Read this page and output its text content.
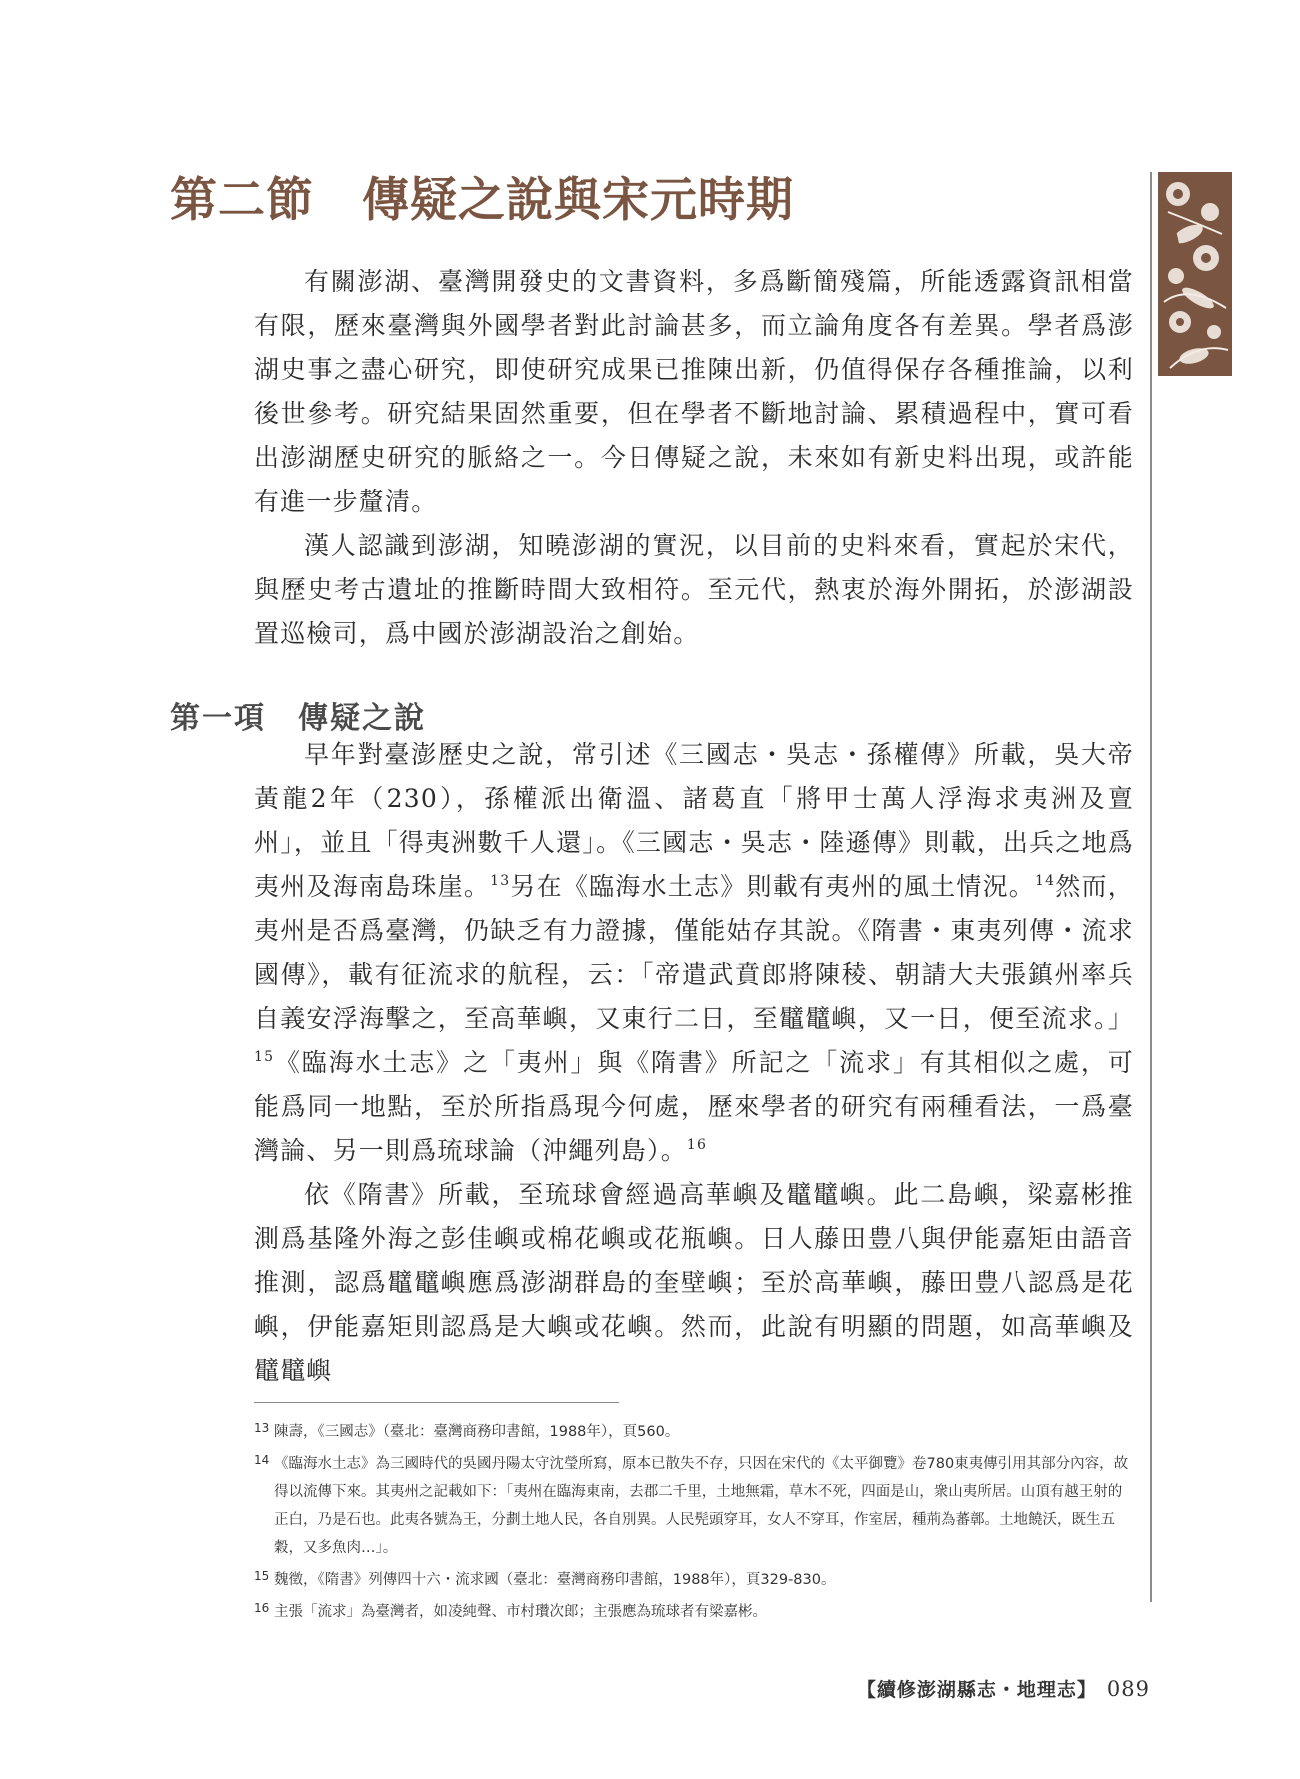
第二節　傳疑之說與宋元時期

有關澎湖、臺灣開發史的文書資料，多爲斷簡殘篇，所能透露資訊相當有限，歷來臺灣與外國學者對此討論甚多，而立論角度各有差異。學者爲澎湖史事之盡心研究，即使研究成果已推陳出新，仍值得保存各種推論，以利後世參考。研究結果固然重要，但在學者不斷地討論、累積過程中，實可看出澎湖歷史研究的脈絡之一。今日傳疑之說，未來如有新史料出現，或許能有進一步釐清。

漢人認識到澎湖，知曉澎湖的實況，以目前的史料來看，實起於宋代，與歷史考古遺址的推斷時間大致相符。至元代，熱衷於海外開拓，於澎湖設置巡檢司，爲中國於澎湖設治之創始。

第一項　傳疑之說

早年對臺澎歷史之說，常引述《三國志・吳志・孫權傳》所載，吳大帝黃龍2年（230），孫權派出衛溫、諸葛直「將甲士萬人浮海求夷洲及亶州」，並且「得夷洲數千人還」。《三國志・吳志・陸遜傳》則載，出兵之地爲夷州及海南島珠崖。$^{13}$另在《臨海水土志》則載有夷州的風土情況。$^{14}$然而，夷州是否爲臺灣，仍缺乏有力證據，僅能姑存其說。《隋書・東夷列傳・流求國傳》，載有征流求的航程，云：「帝遣武賁郎將陳稜、朝請大夫張鎮州率兵自義安浮海擊之，至高華嶼，又東行二日，至鼊鼊嶼，又一日，便至流求。」$^{15}$《臨海水土志》之「夷州」與《隋書》所記之「流求」有其相似之處，可能爲同一地點，至於所指爲現今何處，歷來學者的研究有兩種看法，一爲臺灣論、另一則爲琉球論（沖繩列島）。$^{16}$

依《隋書》所載，至琉球會經過高華嶼及鼊鼊嶼。此二島嶼，梁嘉彬推測爲基隆外海之彭佳嶼或棉花嶼或花瓶嶼。日人藤田豊八與伊能嘉矩由語音推測，認爲鼊鼊嶼應爲澎湖群島的奎壁嶼；至於高華嶼，藤田豊八認爲是花嶼，伊能嘉矩則認爲是大嶼或花嶼。然而，此說有明顯的問題，如高華嶼及鼊鼊嶼

13 陳壽，《三國志》（臺北：臺灣商務印書館，1988年），頁560。

14 《臨海水土志》為三國時代的吳國丹陽太守沈瑩所寫，原本已散失不存，只因在宋代的《太平御覽》卷780東夷傳引用其部分內容，故得以流傳下來。其夷州之記載如下：「夷州在臨海東南，去郡二千里，土地無霜，草木不死，四面是山，衆山夷所居。山頂有越王射的正白，乃是石也。此夷各號為王，分劃土地人民，各自別異。人民髡頭穿耳，女人不穿耳，作室居，種荊為蕃鄣。土地饒沃，既生五穀，又多魚肉…」。

15 魏徵，《隋書》列傳四十六・流求國（臺北：臺灣商務印書館，1988年），頁329-830。

16 主張「流求」為臺灣者，如凌純聲、市村瓚次郎；主張應為琉球者有梁嘉彬。

【續修澎湖縣志・地理志】 089
